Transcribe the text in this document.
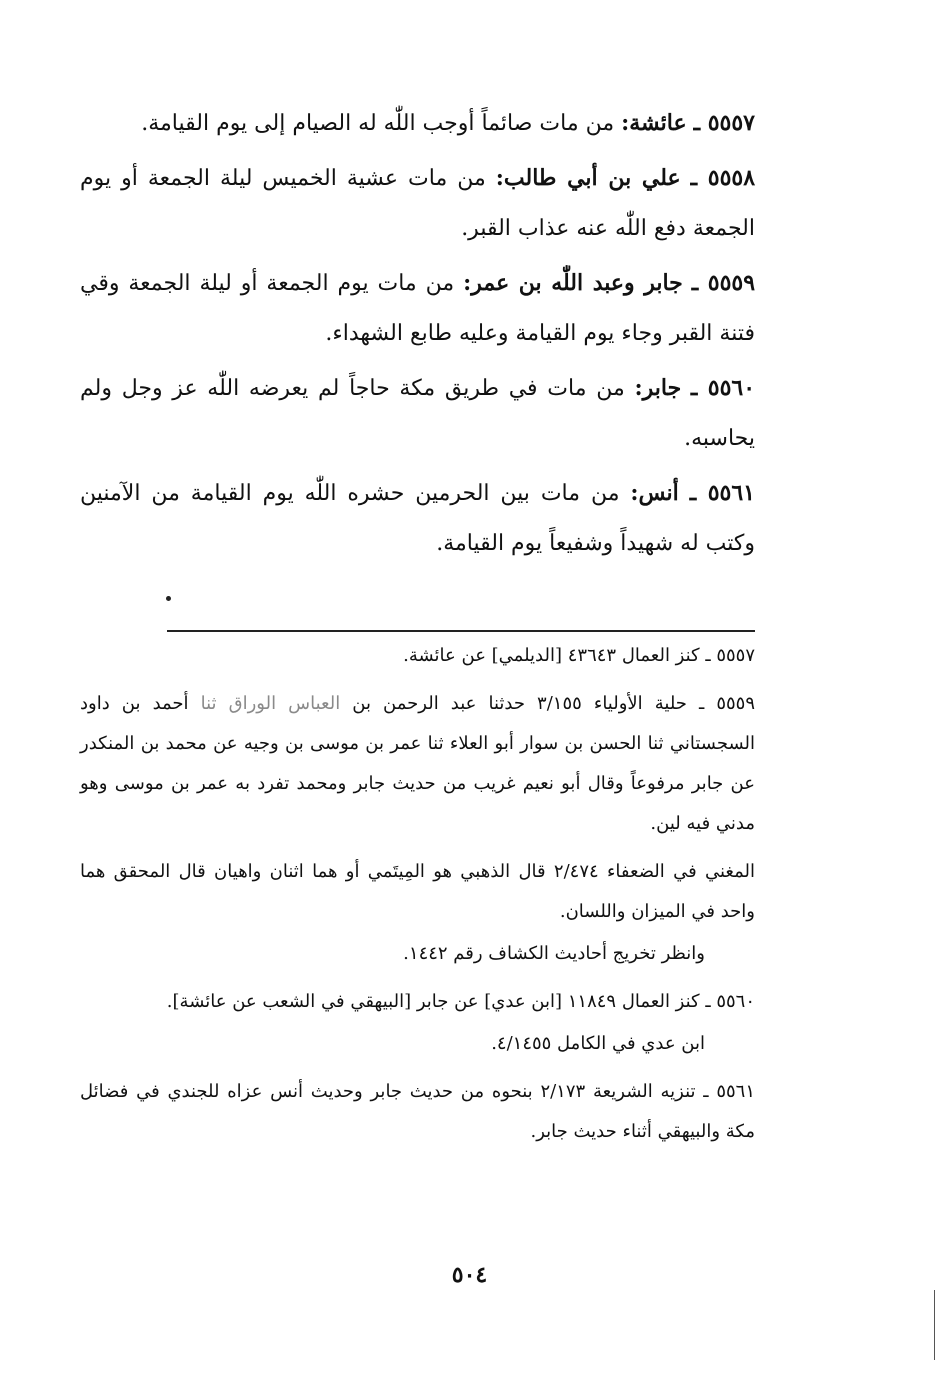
٥٥٥٧ ـ عائشة: من مات صائماً أوجب اللّٰه له الصيام إلى يوم القيامة.

٥٥٥٨ ـ علي بن أبي طالب: من مات عشية الخميس ليلة الجمعة أو يوم الجمعة دفع اللّٰه عنه عذاب القبر.

٥٥٥٩ ـ جابر وعبد اللّٰه بن عمر: من مات يوم الجمعة أو ليلة الجمعة وقي فتنة القبر وجاء يوم القيامة وعليه طابع الشهداء.

٥٥٦٠ ـ جابر: من مات في طريق مكة حاجاً لم يعرضه اللّٰه عز وجل ولم يحاسبه.

٥٥٦١ ـ أنس: من مات بين الحرمين حشره اللّٰه يوم القيامة من الآمنين وكتب له شهيداً وشفيعاً يوم القيامة.

٥٥٥٧ ـ كنز العمال ٤٣٦٤٣ [الديلمي] عن عائشة.

٥٥٥٩ ـ حلية الأولياء ٣/١٥٥ حدثنا عبد الرحمن بن العباس الوراق ثنا أحمد بن داود السجستاني ثنا الحسن بن سوار أبو العلاء ثنا عمر بن موسى بن وجيه عن محمد بن المنكدر عن جابر مرفوعاً وقال أبو نعيم غريب من حديث جابر ومحمد تفرد به عمر بن موسى وهو مدني فيه لين.

المغني في الضعفاء ٢/٤٧٤ قال الذهبي هو المِيتَمي أو هما اثنان واهيان قال المحقق هما واحد في الميزان واللسان.

وانظر تخريج أحاديث الكشاف رقم ١٤٤٢.

٥٥٦٠ ـ كنز العمال ١١٨٤٩ [ابن عدي] عن جابر [البيهقي في الشعب عن عائشة].

ابن عدي في الكامل ٤/١٤٥٥.

٥٥٦١ ـ تنزيه الشريعة ٢/١٧٣ بنحوه من حديث جابر وحديث أنس عزاه للجندي في فضائل مكة والبيهقي أثناء حديث جابر.

٥٠٤
